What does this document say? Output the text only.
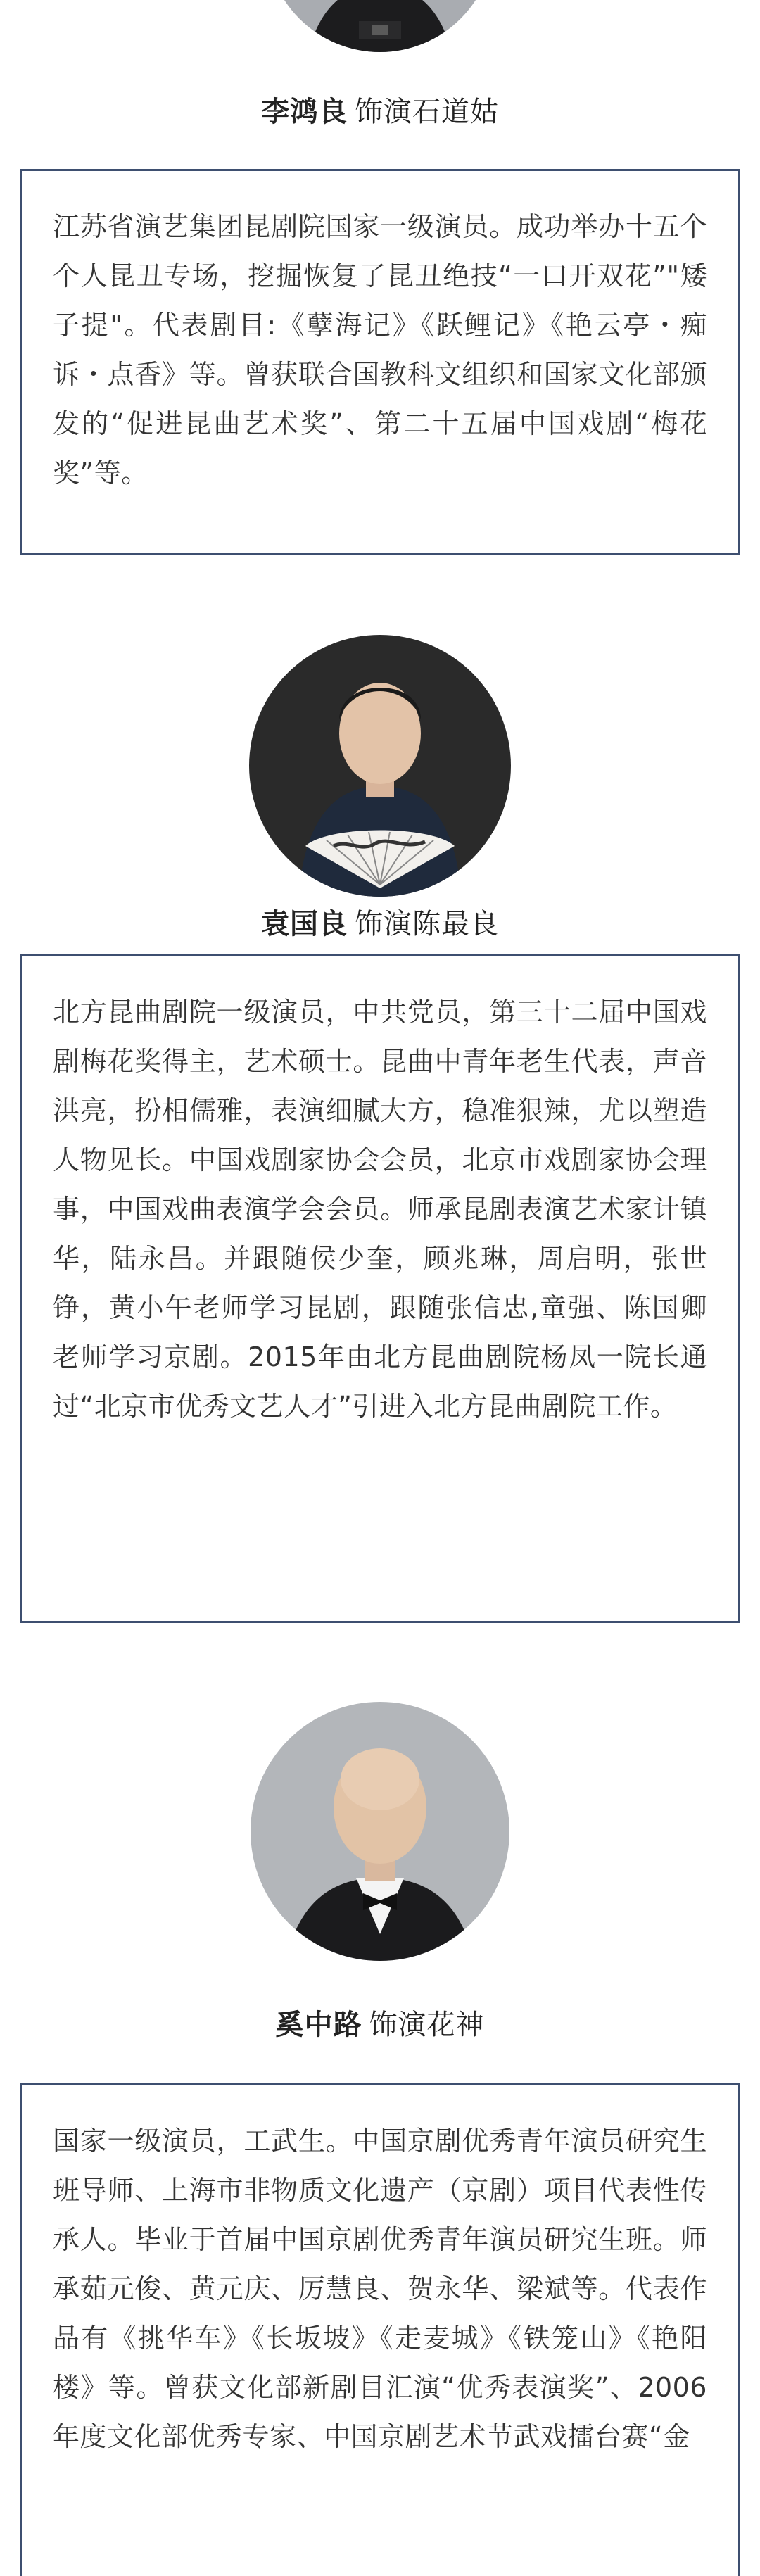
李鸿良 饰演石道姑

江苏省演艺集团昆剧院国家一级演员。成功举办十五个个人昆丑专场，挖掘恢复了昆丑绝技“一口开双花”"矮子提"。代表剧目:《孽海记》《跃鲤记》《艳云亭・痴诉・点香》等。曾获联合国教科文组织和国家文化部颁发的“促进昆曲艺术奖”、第二十五届中国戏剧“梅花奖”等。

袁国良 饰演陈最良

北方昆曲剧院一级演员，中共党员，第三十二届中国戏剧梅花奖得主，艺术硕士。昆曲中青年老生代表，声音洪亮，扮相儒雅，表演细腻大方，稳准狠辣，尤以塑造人物见长。中国戏剧家协会会员，北京市戏剧家协会理事，中国戏曲表演学会会员。师承昆剧表演艺术家计镇华，陆永昌。并跟随侯少奎，顾兆琳，周启明，张世铮，黄小午老师学习昆剧，跟随张信忠,童强、陈国卿老师学习京剧。2015年由北方昆曲剧院杨凤一院长通过“北京市优秀文艺人才”引进入北方昆曲剧院工作。

奚中路 饰演花神

国家一级演员，工武生。中国京剧优秀青年演员研究生班导师、上海市非物质文化遗产（京剧）项目代表性传承人。毕业于首届中国京剧优秀青年演员研究生班。师承茹元俊、黄元庆、厉慧良、贺永华、梁斌等。代表作品有《挑华车》《长坂坡》《走麦城》《铁笼山》《艳阳楼》等。曾获文化部新剧目汇演“优秀表演奖”、2006年度文化部优秀专家、中国京剧艺术节武戏擂台赛“金
